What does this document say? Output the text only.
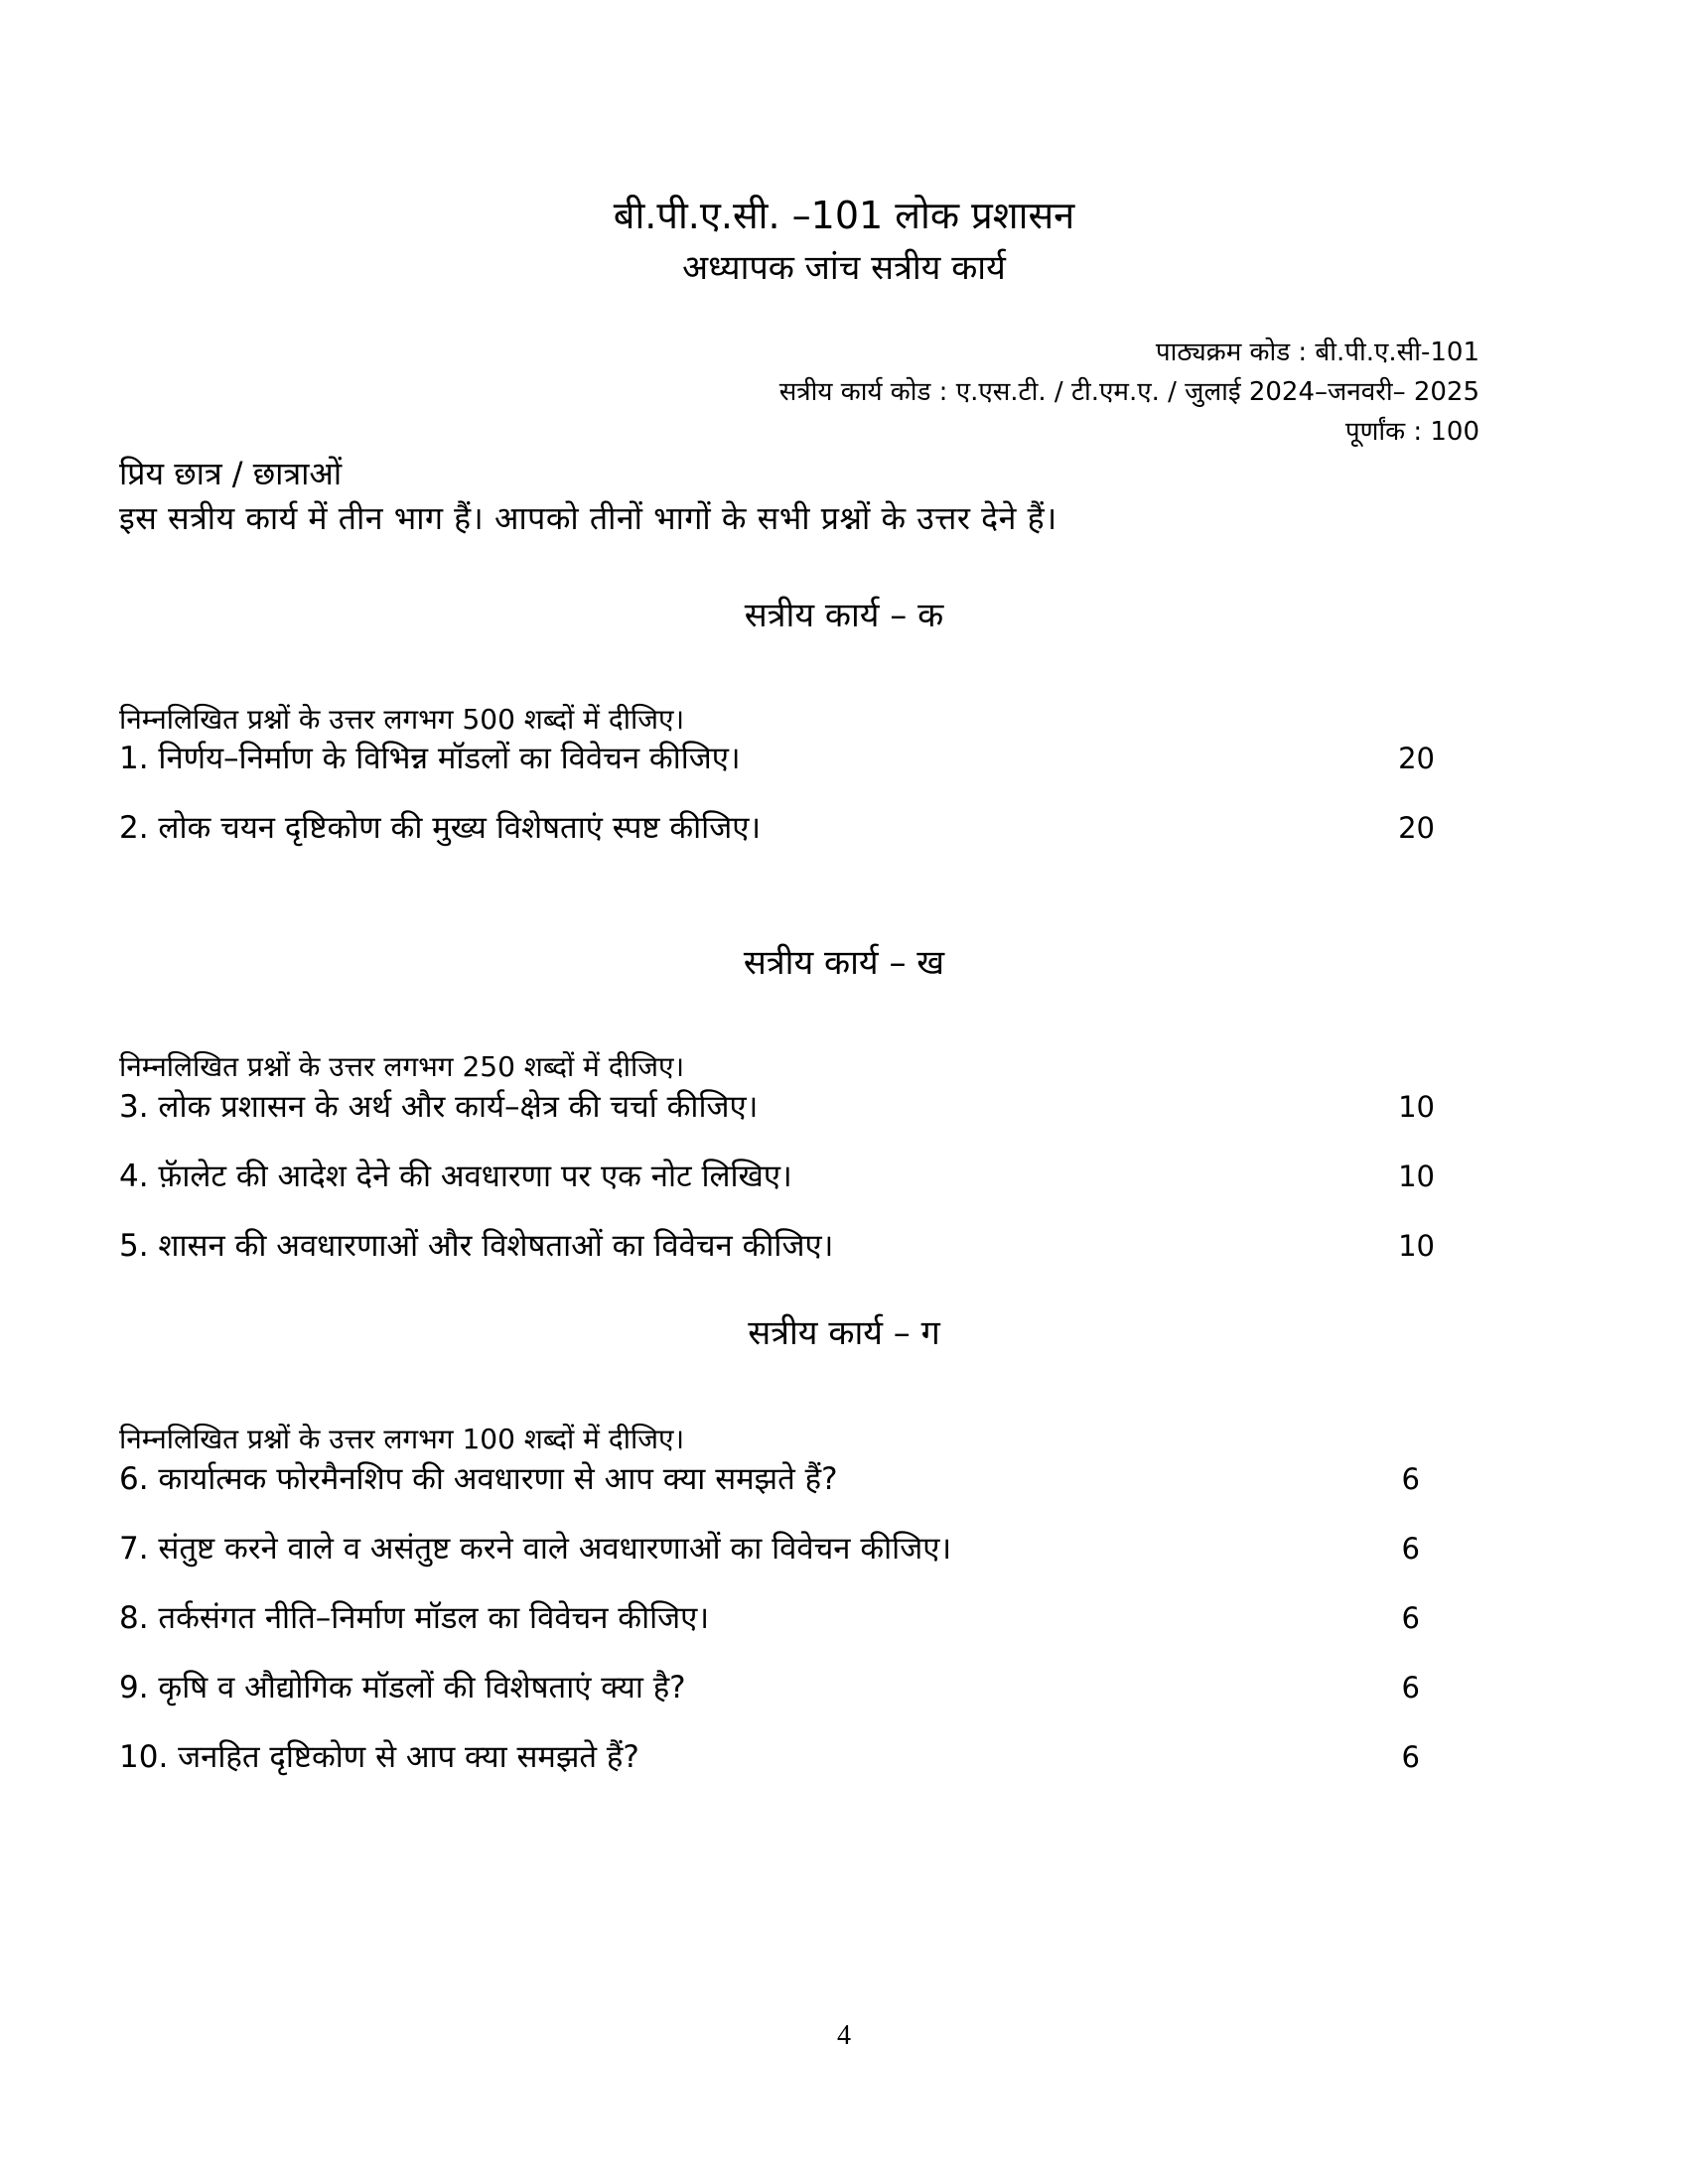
बी.पी.ए.सी. –101 लोक प्रशासन
अध्यापक जांच सत्रीय कार्य
पाठ्यक्रम कोड : बी.पी.ए.सी-101
सत्रीय कार्य कोड : ए.एस.टी. / टी.एम.ए. / जुलाई 2024–जनवरी– 2025
पूर्णांक : 100
प्रिय छात्र / छात्राओं
इस सत्रीय कार्य में तीन भाग हैं। आपको तीनों भागों के सभी प्रश्नों के उत्तर देने हैं।
सत्रीय कार्य – क
निम्नलिखित प्रश्नों के उत्तर लगभग 500 शब्दों में दीजिए।
1. निर्णय–निर्माण के विभिन्न मॉडलों का विवेचन कीजिए।	20
2. लोक चयन दृष्टिकोण की मुख्य विशेषताएं स्पष्ट कीजिए।	20
सत्रीय कार्य – ख
निम्नलिखित प्रश्नों के उत्तर लगभग 250 शब्दों में दीजिए।
3. लोक प्रशासन के अर्थ और कार्य–क्षेत्र की चर्चा कीजिए।	10
4. फॅ़ालेट की आदेश देने की अवधारणा पर एक नोट लिखिए।	10
5. शासन की अवधारणाओं और विशेषताओं का विवेचन कीजिए।	10
सत्रीय कार्य – ग
निम्नलिखित प्रश्नों के उत्तर लगभग 100 शब्दों में दीजिए।
6. कार्यात्मक फोरमैनशिप की अवधारणा से आप क्या समझते हैं?	6
7. संतुष्ट करने वाले व असंतुष्ट करने वाले अवधारणाओं का विवेचन कीजिए।	6
8. तर्कसंगत नीति–निर्माण मॉडल का विवेचन कीजिए।	6
9. कृषि व औद्योगिक मॉडलों की विशेषताएं क्या है?	6
10. जनहित दृष्टिकोण से आप क्या समझते हैं?	6
4
